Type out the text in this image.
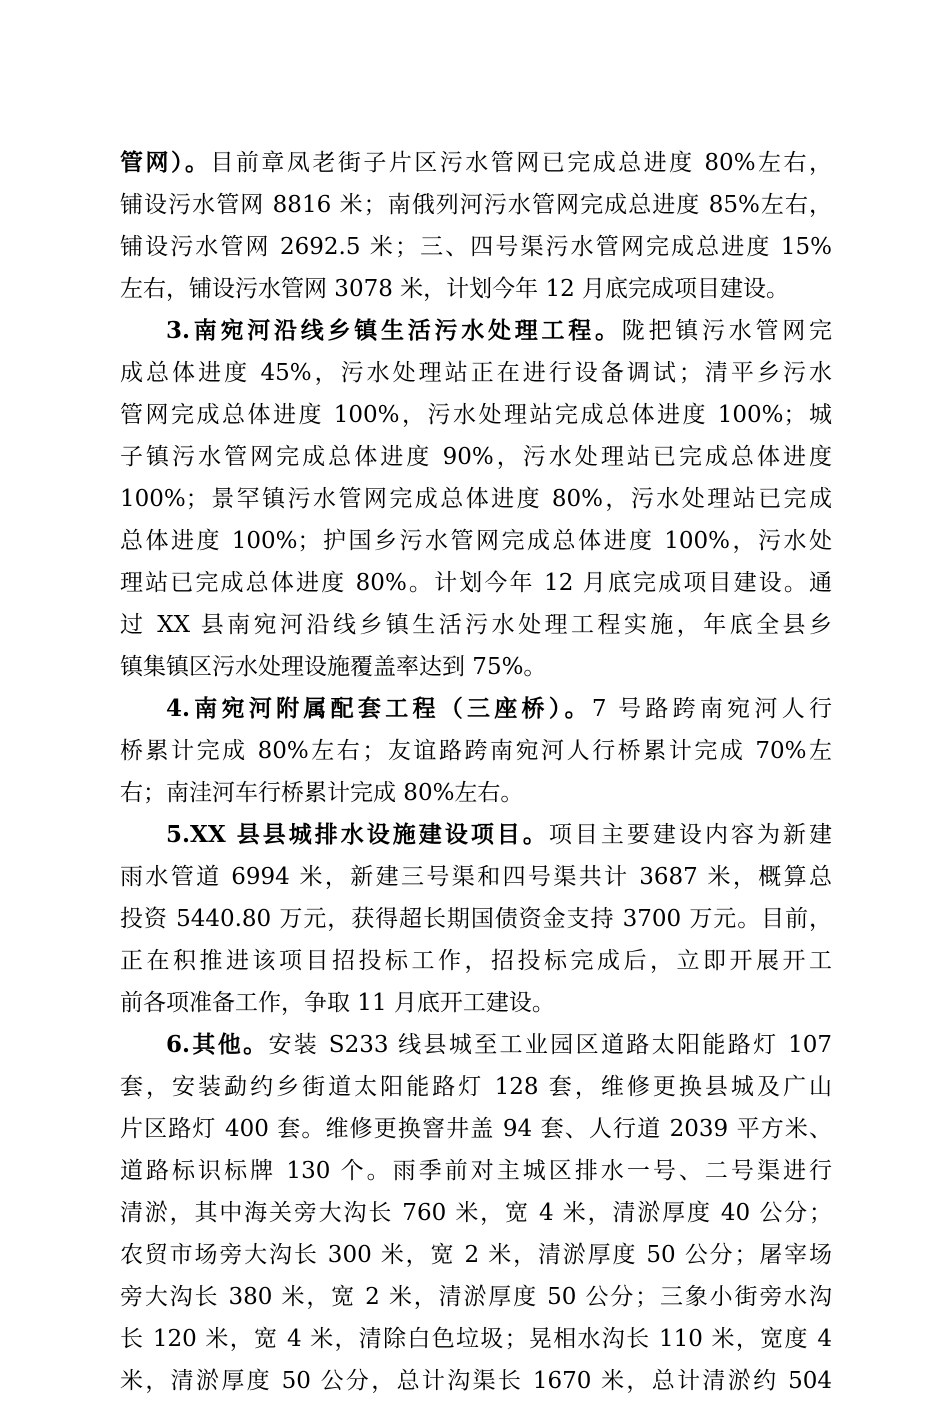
管网）。目前章凤老街子片区污水管网已完成总进度 80%左右，
铺设污水管网 8816 米；南俄列河污水管网完成总进度 85%左右，
铺设污水管网 2692.5 米；三、四号渠污水管网完成总进度 15%
左右，铺设污水管网 3078 米，计划今年 12 月底完成项目建设。
3.南宛河沿线乡镇生活污水处理工程。陇把镇污水管网完
成总体进度 45%，污水处理站正在进行设备调试；清平乡污水
管网完成总体进度 100%，污水处理站完成总体进度 100%；城
子镇污水管网完成总体进度 90%，污水处理站已完成总体进度
100%；景罕镇污水管网完成总体进度 80%，污水处理站已完成
总体进度 100%；护国乡污水管网完成总体进度 100%，污水处
理站已完成总体进度 80%。计划今年 12 月底完成项目建设。通
过 XX 县南宛河沿线乡镇生活污水处理工程实施，年底全县乡
镇集镇区污水处理设施覆盖率达到 75%。
4.南宛河附属配套工程（三座桥）。7 号路跨南宛河人行
桥累计完成 80%左右；友谊路跨南宛河人行桥累计完成 70%左
右；南洼河车行桥累计完成 80%左右。
5.XX 县县城排水设施建设项目。项目主要建设内容为新建
雨水管道 6994 米，新建三号渠和四号渠共计 3687 米，概算总
投资 5440.80 万元，获得超长期国债资金支持 3700 万元。目前，
正在积推进该项目招投标工作，招投标完成后，立即开展开工
前各项准备工作，争取 11 月底开工建设。
6.其他。安装 S233 线县城至工业园区道路太阳能路灯 107
套，安装勐约乡街道太阳能路灯 128 套，维修更换县城及广山
片区路灯 400 套。维修更换窨井盖 94 套、人行道 2039 平方米、
道路标识标牌 130 个。雨季前对主城区排水一号、二号渠进行
清淤，其中海关旁大沟长 760 米，宽 4 米，清淤厚度 40 公分；
农贸市场旁大沟长 300 米，宽 2 米，清淤厚度 50 公分；屠宰场
旁大沟长 380 米，宽 2 米，清淤厚度 50 公分；三象小街旁水沟
长 120 米，宽 4 米，清除白色垃圾；晃相水沟长 110 米，宽度 4
米，清淤厚度 50 公分，总计沟渠长 1670 米，总计清淤约 504
